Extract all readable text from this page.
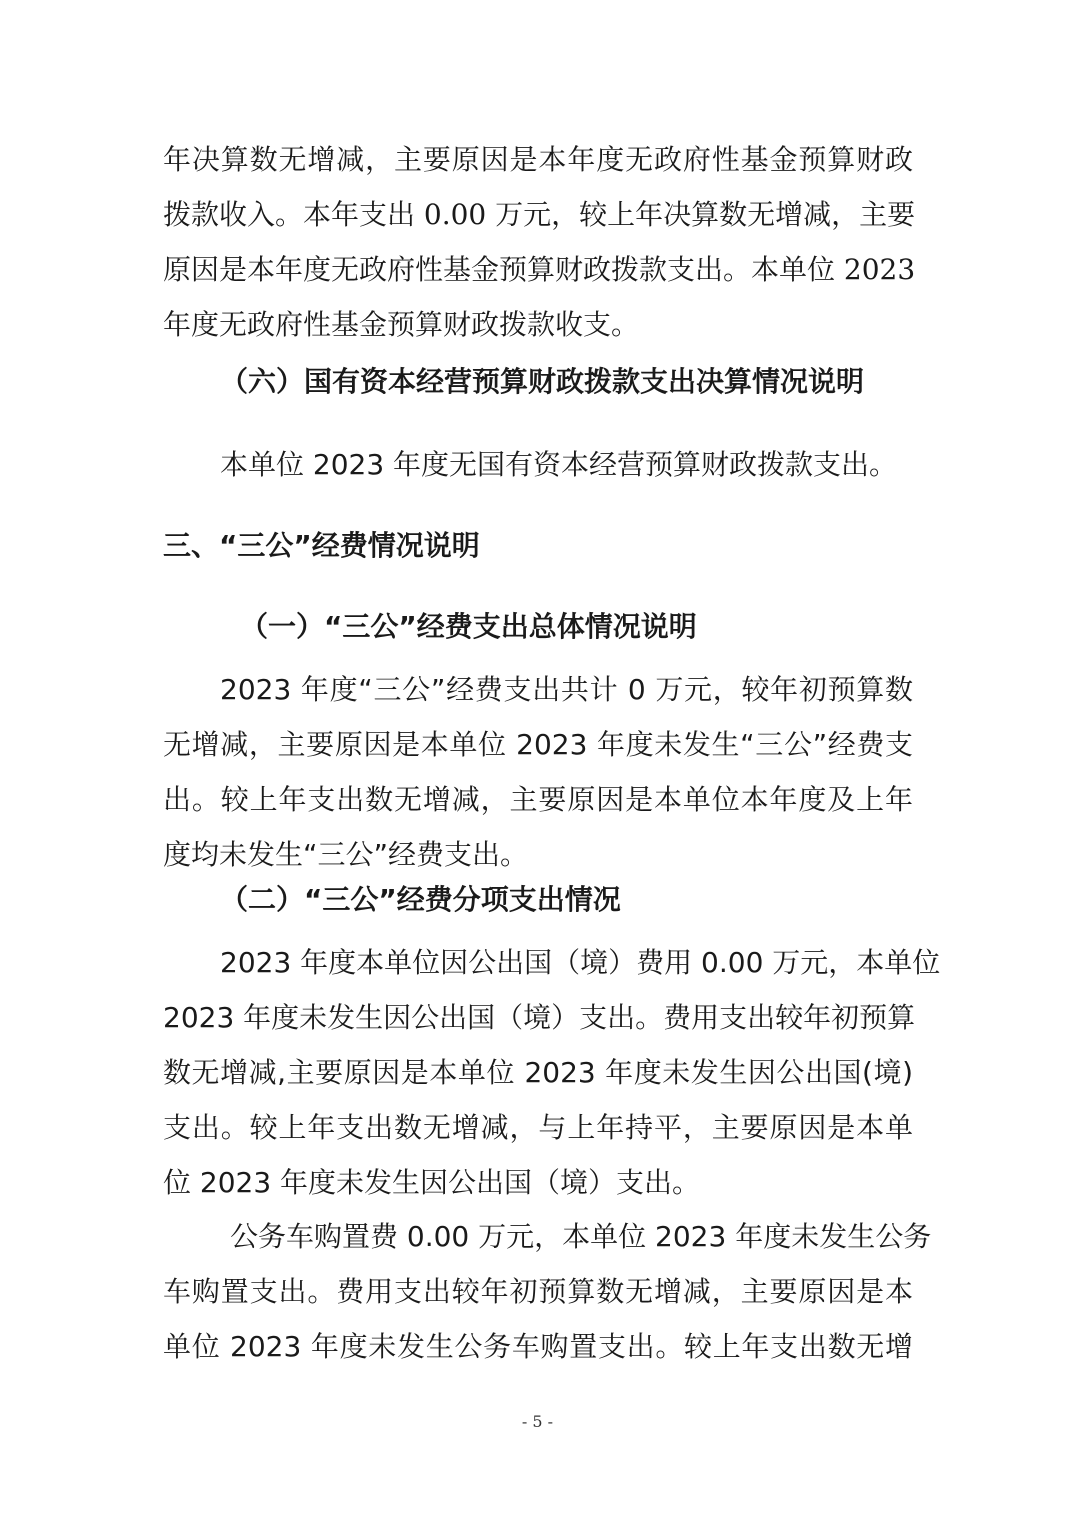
年决算数无增减，主要原因是本年度无政府性基金预算财政
拨款收入。本年支出 0.00 万元，较上年决算数无增减，主要
原因是本年度无政府性基金预算财政拨款支出。本单位 2023
年度无政府性基金预算财政拨款收支。
（六）国有资本经营预算财政拨款支出决算情况说明
本单位 2023 年度无国有资本经营预算财政拨款支出。
三、“三公”经费情况说明
（一）“三公”经费支出总体情况说明
2023 年度“三公”经费支出共计 0 万元，较年初预算数
无增减，主要原因是本单位 2023 年度未发生“三公”经费支
出。较上年支出数无增减，主要原因是本单位本年度及上年
度均未发生“三公”经费支出。
（二）“三公”经费分项支出情况
2023 年度本单位因公出国（境）费用 0.00 万元，本单位
2023 年度未发生因公出国（境）支出。费用支出较年初预算
数无增减,主要原因是本单位 2023 年度未发生因公出国(境)
支出。较上年支出数无增减，与上年持平，主要原因是本单
位 2023 年度未发生因公出国（境）支出。
公务车购置费 0.00 万元，本单位 2023 年度未发生公务
车购置支出。费用支出较年初预算数无增减，主要原因是本
单位 2023 年度未发生公务车购置支出。较上年支出数无增
- 5 -
